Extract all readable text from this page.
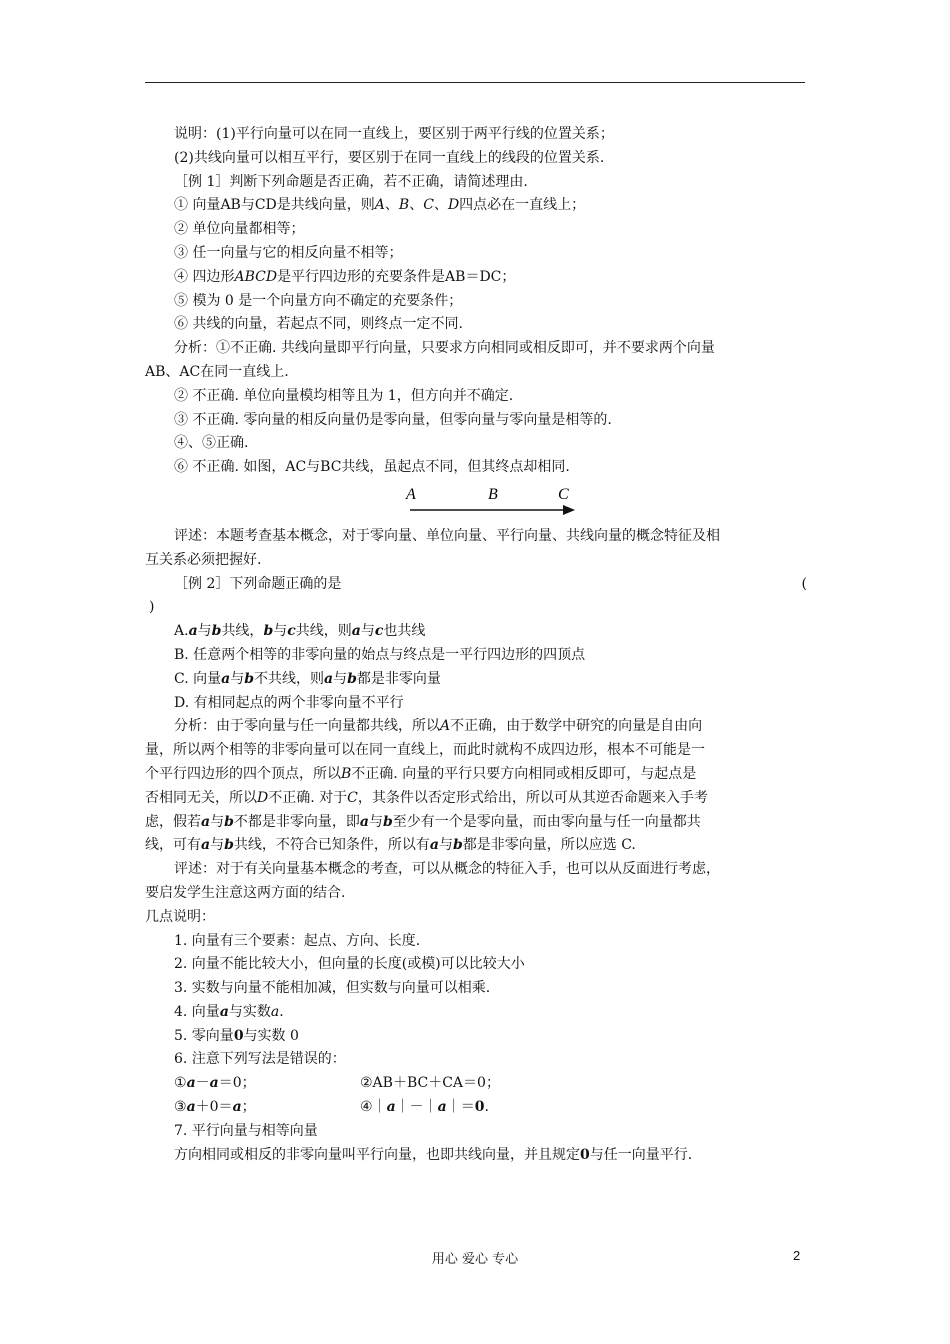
说明：(1)平行向量可以在同一直线上，要区别于两平行线的位置关系；
(2)共线向量可以相互平行，要区别于在同一直线上的线段的位置关系.
［例 1］判断下列命题是否正确，若不正确，请简述理由.
① 向量AB与CD是共线向量，则A、B、C、D四点必在一直线上；
② 单位向量都相等；
③ 任一向量与它的相反向量不相等；
④ 四边形ABCD是平行四边形的充要条件是AB＝DC；
⑤ 模为 0 是一个向量方向不确定的充要条件；
⑥ 共线的向量，若起点不同，则终点一定不同.
分析：①不正确. 共线向量即平行向量，只要求方向相同或相反即可，并不要求两个向量
AB、AC在同一直线上.
② 不正确. 单位向量模均相等且为 1，但方向并不确定.
③ 不正确. 零向量的相反向量仍是零向量，但零向量与零向量是相等的.
④、⑤正确.
⑥ 不正确. 如图，AC与BC共线，虽起点不同，但其终点却相同.
A	B	C
评述：本题考查基本概念，对于零向量、单位向量、平行向量、共线向量的概念特征及相
互关系必须把握好.
［例 2］下列命题正确的是	(
)
A.a与b共线，b与c共线，则a与c也共线
B. 任意两个相等的非零向量的始点与终点是一平行四边形的四顶点
C. 向量a与b不共线，则a与b都是非零向量
D. 有相同起点的两个非零向量不平行
分析：由于零向量与任一向量都共线，所以A不正确，由于数学中研究的向量是自由向
量，所以两个相等的非零向量可以在同一直线上，而此时就构不成四边形，根本不可能是一
个平行四边形的四个顶点，所以B不正确. 向量的平行只要方向相同或相反即可，与起点是
否相同无关，所以D不正确. 对于C，其条件以否定形式给出，所以可从其逆否命题来入手考
虑，假若a与b不都是非零向量，即a与b至少有一个是零向量，而由零向量与任一向量都共
线，可有a与b共线，不符合已知条件，所以有a与b都是非零向量，所以应选 C.
评述：对于有关向量基本概念的考查，可以从概念的特征入手，也可以从反面进行考虑，
要启发学生注意这两方面的结合.
几点说明：
1. 向量有三个要素：起点、方向、长度.
2. 向量不能比较大小，但向量的长度(或模)可以比较大小
3. 实数与向量不能相加减，但实数与向量可以相乘.
4. 向量a与实数a.
5. 零向量0与实数 0
6. 注意下列写法是错误的：
①a－a＝0；	②AB＋BC＋CA＝0；
③a＋0＝a；	④｜a｜－｜a｜＝0.
7. 平行向量与相等向量
方向相同或相反的非零向量叫平行向量，也即共线向量，并且规定0与任一向量平行.
用心 爱心 专心	2
